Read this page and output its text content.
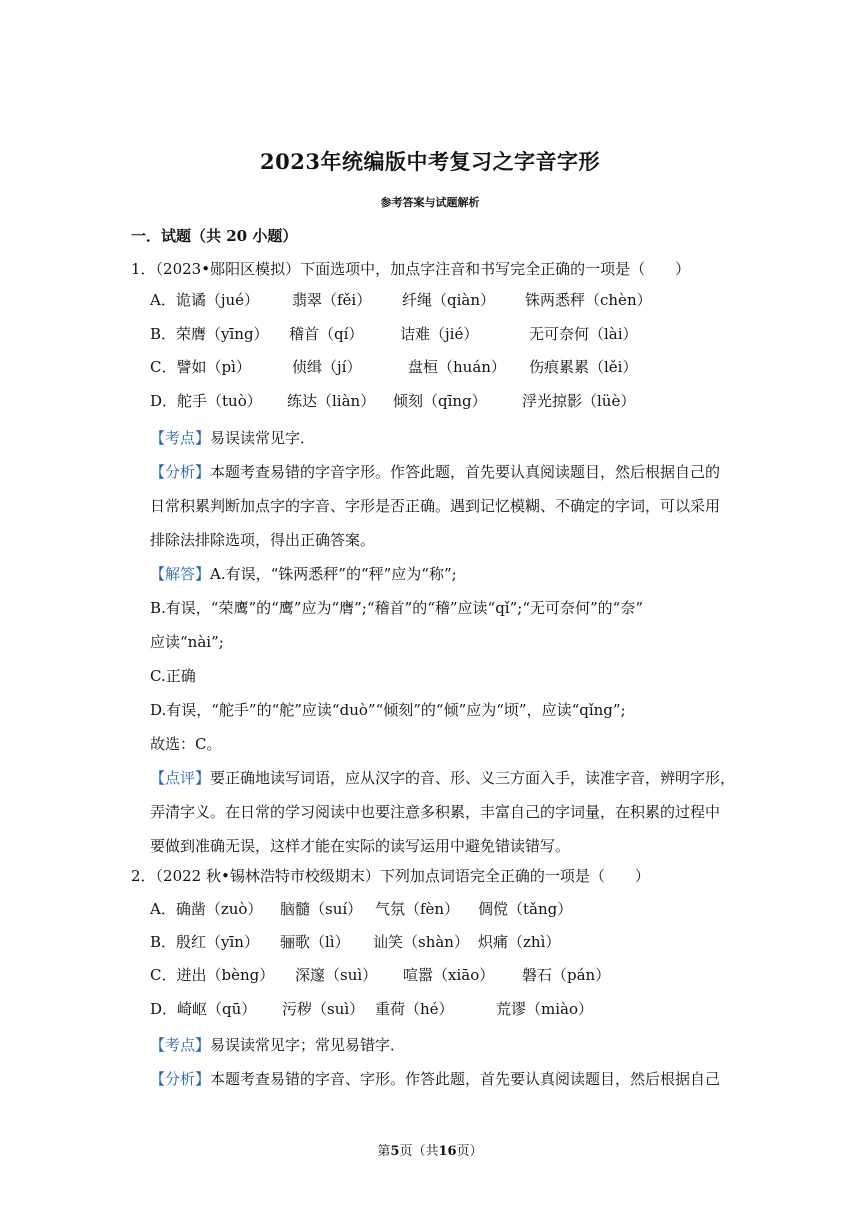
2023年统编版中考复习之字音字形
参考答案与试题解析
一．试题（共 20 小题）
1．（2023•郧阳区模拟）下面选项中，加点字注音和书写完全正确的一项是（　　）
A．诡谲（jué） 翡翠（fěi） 纤绳（qiàn） 铢两悉秤（chèn）
B．荣膺（yīng） 稽首（qí） 诘难（jié）	无可奈何（lài）
C．譬如（pì）	侦缉（jí）	盘桓（huán） 伤痕累累（lěi）
D．舵手（tuò） 练达（liàn） 倾刻（qīng） 浮光掠影（lüè）
【考点】易误读常见字．
【分析】本题考查易错的字音字形。作答此题，首先要认真阅读题目，然后根据自己的
日常积累判断加点字的字音、字形是否正确。遇到记忆模糊、不确定的字词，可以采用
排除法排除选项，得出正确答案。
【解答】A.有误，“铢两悉秤”的“秤”应为“称”;
B.有误，“荣鹰”的“鹰”应为“膺”;“稽首”的“稽”应读“qǐ”;“无可奈何”的“奈”
应读“nài”;
C.正确
D.有误，“舵手”的“舵”应读“duò”“倾刻”的“倾”应为“顷”，应读“qǐng”;
故选：C。
【点评】要正确地读写词语，应从汉字的音、形、义三方面入手，读准字音，辨明字形，
弄清字义。在日常的学习阅读中也要注意多积累，丰富自己的字词量，在积累的过程中
要做到准确无误，这样才能在实际的读写运用中避免错读错写。
2．（2022 秋•锡林浩特市校级期末）下列加点词语完全正确的一项是（　　）
A．确凿（zuò） 脑髓（suí） 气氛（fèn） 倜傥（tǎng）
B．殷红（yīn） 骊歌（lì） 讪笑（shàn） 炽痛（zhì）
C．迸出（bèng） 深邃（suì） 喧嚣（xiāo） 磐石（pán）
D．崎岖（qū） 污秽（suì） 重荷（hé）	荒谬（miào）
【考点】易误读常见字；常见易错字．
【分析】本题考查易错的字音、字形。作答此题，首先要认真阅读题目，然后根据自己
第5页（共16页）
